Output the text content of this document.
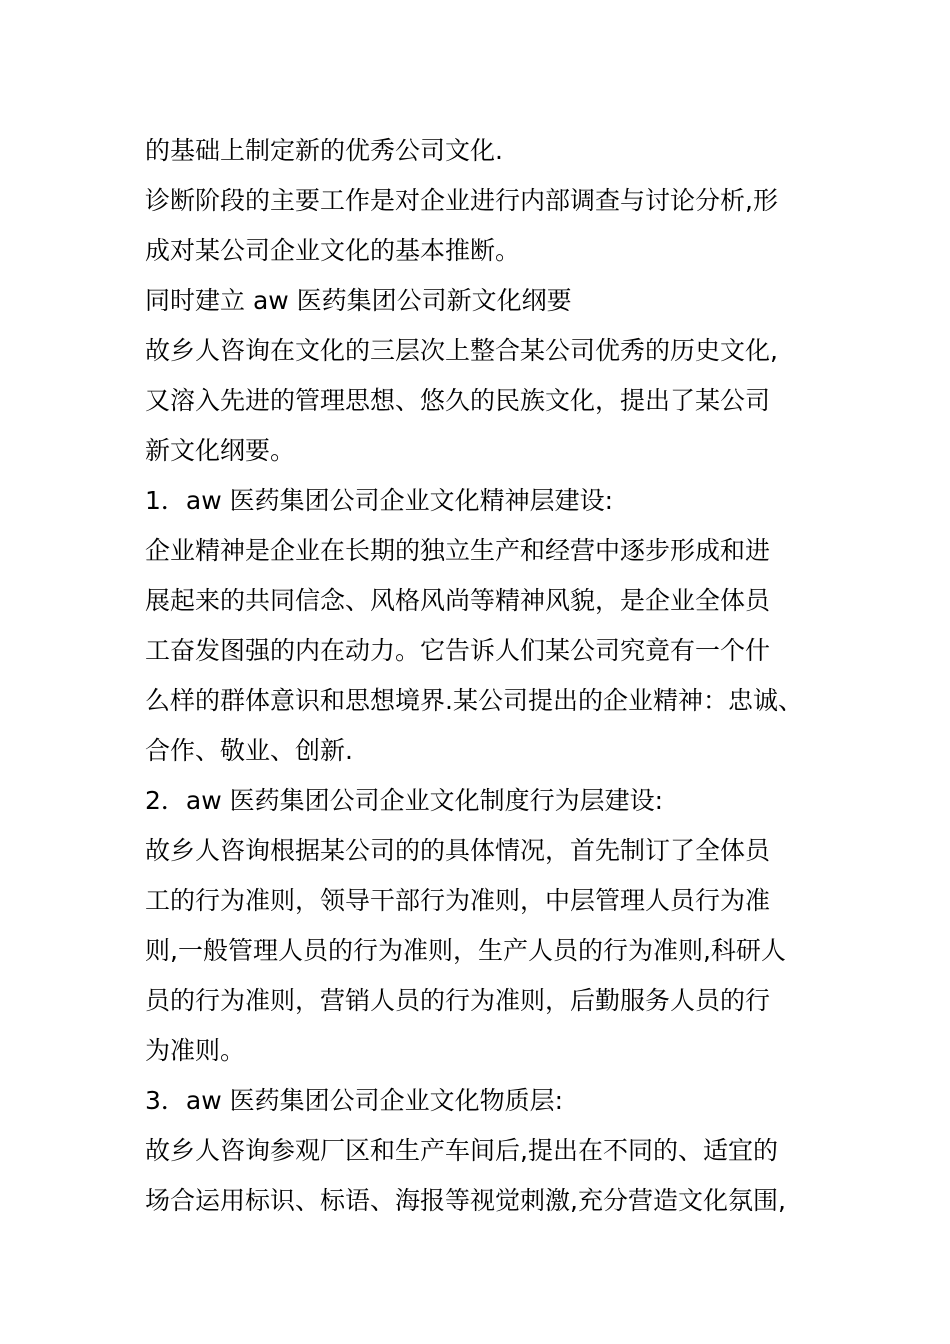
的基础上制定新的优秀公司文化.
诊断阶段的主要工作是对企业进行内部调查与讨论分析,形
成对某公司企业文化的基本推断。
同时建立 aw 医药集团公司新文化纲要
故乡人咨询在文化的三层次上整合某公司优秀的历史文化,
又溶入先进的管理思想、悠久的民族文化，提出了某公司
新文化纲要。
1．aw 医药集团公司企业文化精神层建设:
企业精神是企业在长期的独立生产和经营中逐步形成和进
展起来的共同信念、风格风尚等精神风貌，是企业全体员
工奋发图强的内在动力。它告诉人们某公司究竟有一个什
么样的群体意识和思想境界.某公司提出的企业精神：忠诚、
合作、敬业、创新.
2．aw 医药集团公司企业文化制度行为层建设:
故乡人咨询根据某公司的的具体情况，首先制订了全体员
工的行为准则，领导干部行为准则，中层管理人员行为准
则,一般管理人员的行为准则，生产人员的行为准则,科研人
员的行为准则，营销人员的行为准则，后勤服务人员的行
为准则。
3．aw 医药集团公司企业文化物质层:
故乡人咨询参观厂区和生产车间后,提出在不同的、适宜的
场合运用标识、标语、海报等视觉刺激,充分营造文化氛围,
